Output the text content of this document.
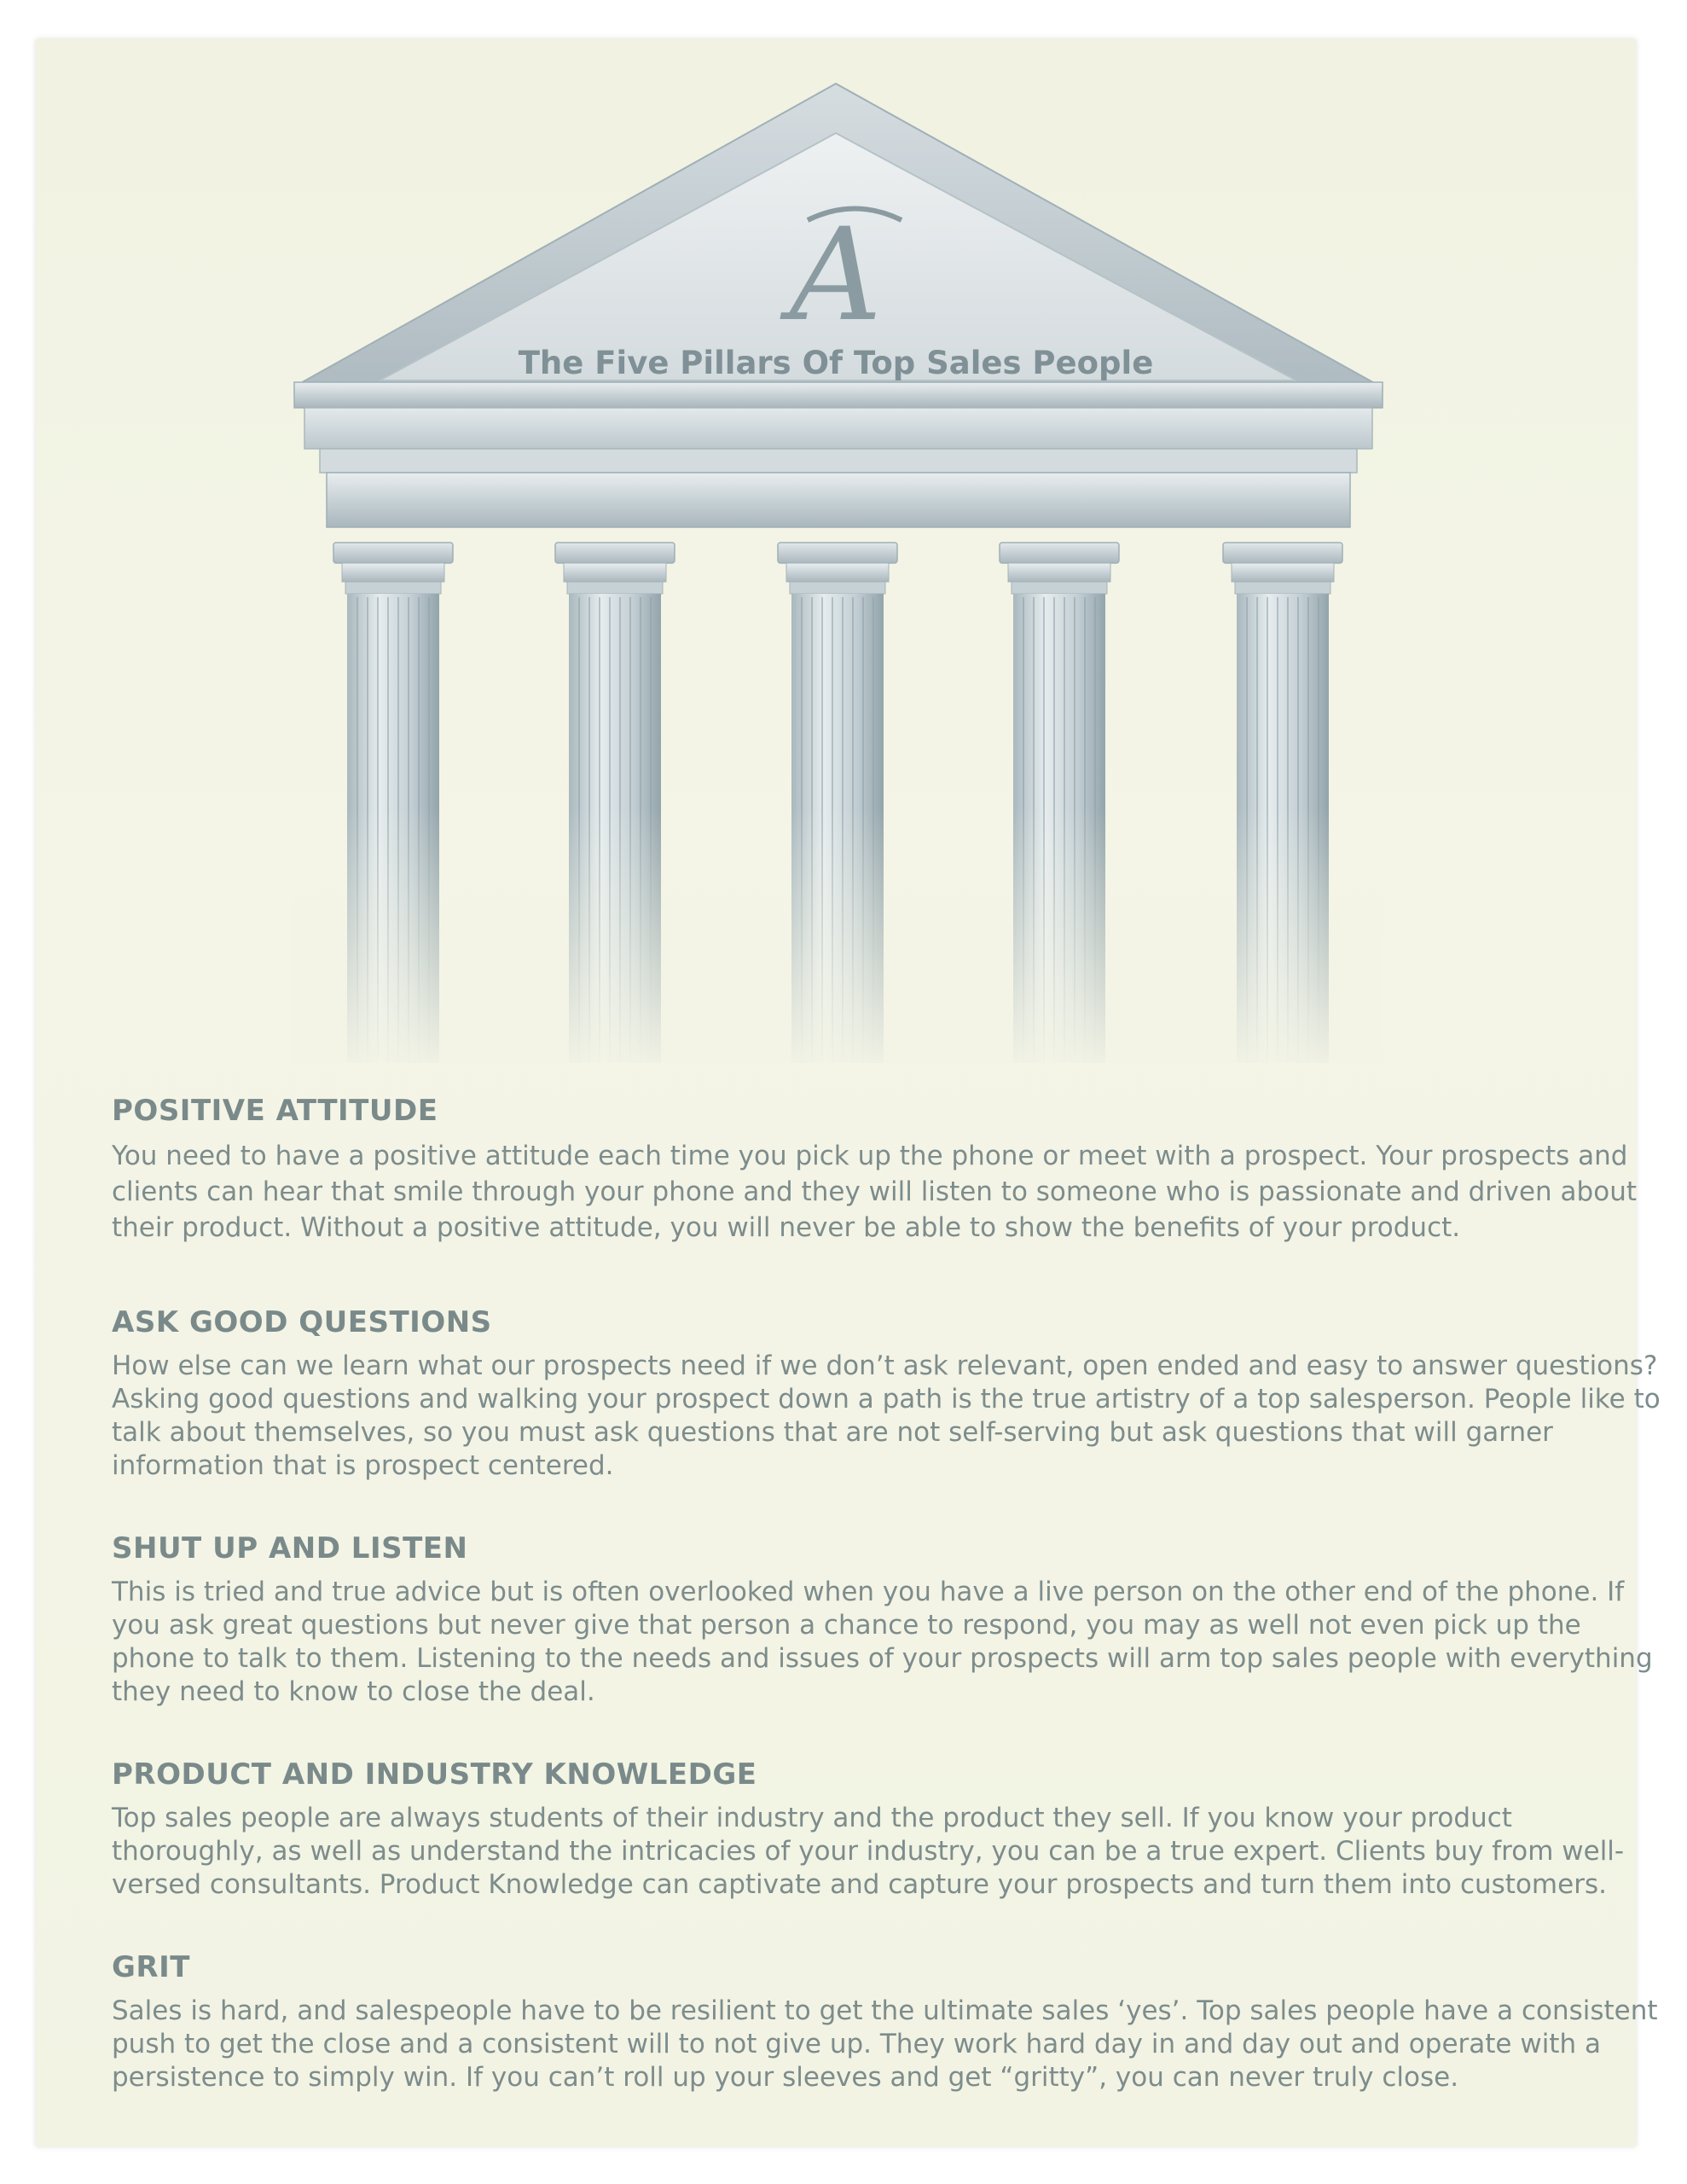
A
The Five Pillars Of Top Sales People
POSITIVE ATTITUDE

You need to have a positive attitude each time you pick up the phone or meet with a prospect. Your prospects and clients can hear that smile through your phone and they will listen to someone who is passionate and driven about their product. Without a positive attitude, you will never be able to show the benefits of your product.

ASK GOOD QUESTIONS

How else can we learn what our prospects need if we don’t ask relevant, open ended and easy to answer questions? Asking good questions and walking your prospect down a path is the true artistry of a top salesperson. People like to talk about themselves, so you must ask questions that are not self-serving but ask questions that will garner information that is prospect centered.

SHUT UP AND LISTEN

This is tried and true advice but is often overlooked when you have a live person on the other end of the phone. If you ask great questions but never give that person a chance to respond, you may as well not even pick up the phone to talk to them. Listening to the needs and issues of your prospects will arm top sales people with everything they need to know to close the deal.

PRODUCT AND INDUSTRY KNOWLEDGE

Top sales people are always students of their industry and the product they sell. If you know your product thoroughly, as well as understand the intricacies of your industry, you can be a true expert. Clients buy from well-versed consultants. Product Knowledge can captivate and capture your prospects and turn them into customers.

GRIT

Sales is hard, and salespeople have to be resilient to get the ultimate sales ‘yes’. Top sales people have a consistent push to get the close and a consistent will to not give up. They work hard day in and day out and operate with a persistence to simply win. If you can’t roll up your sleeves and get “gritty”, you can never truly close.
